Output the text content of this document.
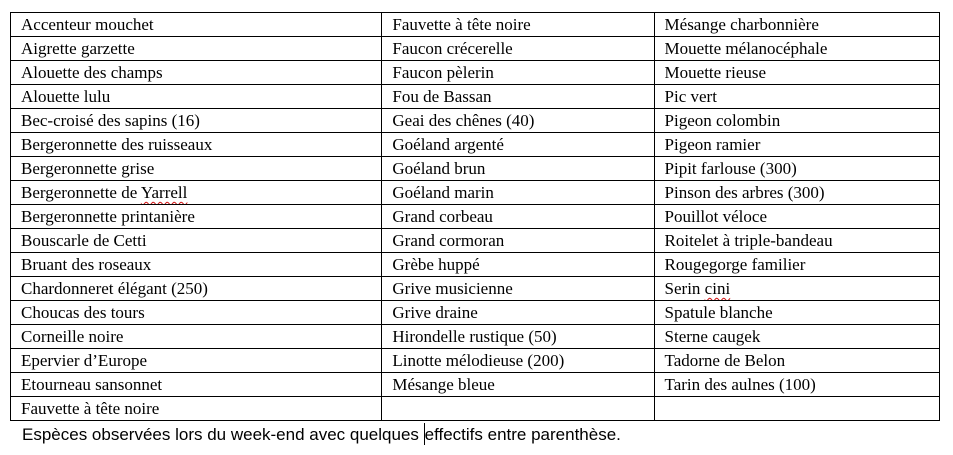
Accenteur mouchet	Fauvette à tête noire	Mésange charbonnière
Aigrette garzette	Faucon crécerelle	Mouette mélanocéphale
Alouette des champs	Faucon pèlerin	Mouette rieuse
Alouette lulu	Fou de Bassan	Pic vert
Bec-croisé des sapins (16)	Geai des chênes (40)	Pigeon colombin
Bergeronnette des ruisseaux	Goéland argenté	Pigeon ramier
Bergeronnette grise	Goéland brun	Pipit farlouse (300)
Bergeronnette de Yarrell	Goéland marin	Pinson des arbres (300)
Bergeronnette printanière	Grand corbeau	Pouillot véloce
Bouscarle de Cetti	Grand cormoran	Roitelet à triple-bandeau
Bruant des roseaux	Grèbe huppé	Rougegorge familier
Chardonneret élégant (250)	Grive musicienne	Serin cini
Choucas des tours	Grive draine	Spatule blanche
Corneille noire	Hirondelle rustique (50)	Sterne caugek
Epervier d’Europe	Linotte mélodieuse (200)	Tadorne de Belon
Etourneau sansonnet	Mésange bleue	Tarin des aulnes (100)
Fauvette à tête noire		
Espèces observées lors du week-end avec quelques effectifs entre parenthèse.
